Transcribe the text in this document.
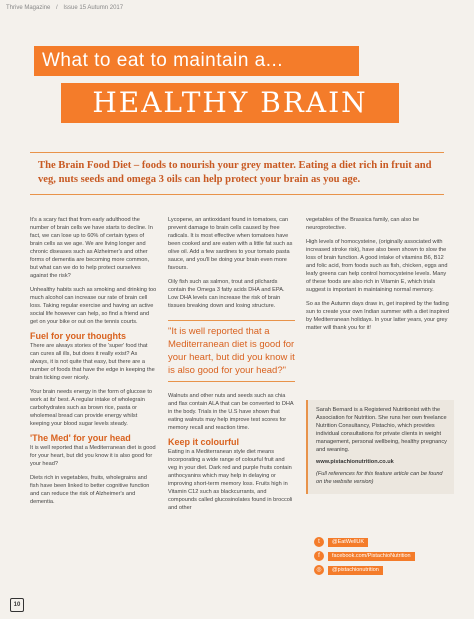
Thrive Magazine / Issue 15 Autumn 2017
What to eat to maintain a...
HEALTHY BRAIN
The Brain Food Diet – foods to nourish your grey matter. Eating a diet rich in fruit and veg, nuts seeds and omega 3 oils can help protect your brain as you age.

It's a scary fact that from early adulthood the number of brain cells we have starts to decline. In fact, we can lose up to 60% of certain types of brain cells as we age. We are living longer and chronic diseases such as Alzheimer's and other forms of dementia are becoming more common, but what can we do to help protect ourselves against the risk?

Unhealthy habits such as smoking and drinking too much alcohol can increase our rate of brain cell loss. Taking regular exercise and having an active social life however can help, so find a friend and get on your bike or out on the tennis courts.

Fuel for your thoughts

There are always stories of the 'super' food that can cures all ills, but does it really exist? As always, it is not quite that easy, but there are a number of foods that have the edge in keeping the brain ticking over nicely.

Your brain needs energy in the form of glucose to work at its' best. A regular intake of wholegrain carbohydrates such as brown rice, pasta or wholemeal bread can provide energy whilst keeping your blood sugar levels steady.

'The Med' for your head

It is well reported that a Mediterranean diet is good for your heart, but did you know it is also good for your head?

Diets rich in vegetables, fruits, wholegrains and fish have been linked to better cognitive function and can reduce the risk of Alzheimer's and dementia.

Lycopene, an antioxidant found in tomatoes, can prevent damage to brain cells caused by free radicals. It is most effective when tomatoes have been cooked and are eaten with a little fat such as olive oil. Add a few sardines to your tomato pasta sauce, and you'll be doing your brain even more favours.

Oily fish such as salmon, trout and pilchards contain the Omega 3 fatty acids DHA and EPA. Low DHA levels can increase the risk of brain tissues breaking down and losing structure.

"It is well reported that a Mediterranean diet is good for your heart, but did you know it is also good for your head?"

Walnuts and other nuts and seeds such as chia and flax contain ALA that can be converted to DHA in the body. Trials in the U.S have shown that eating walnuts may help improve test scores for memory recall and reaction time.

Keep it colourful

Eating in a Mediterranean style diet means incorporating a wide range of colourful fruit and veg in your diet. Dark red and purple fruits contain anthocyanins which may help in delaying or improving short-term memory loss. Fruits high in Vitamin C12 such as blackcurrants, and compounds called glucosinolates found in broccoli and other

vegetables of the Brassica family, can also be neuroprotective.

High levels of homocysteine, (originally associated with increased stroke risk), have also been shown to slow the loss of brain function. A good intake of vitamins B6, B12 and folic acid, from foods such as fish, chicken, eggs and leafy greens can help control homocysteine levels. Many of these foods are also rich in Vitamin E, which trials suggest is important in maintaining normal memory.

So as the Autumn days draw in, get inspired by the fading sun to create your own Indian summer with a diet inspired by Mediterranean holidays. In your latter years, your grey matter will thank you for it!

Sarah Bernard is a Registered Nutritionist with the Association for Nutrition. She runs her own freelance Nutrition Consultancy, Pistachio, which provides individual consultations for private clients in weight management, personal wellbeing, healthy pregnancy and weaning.

www.pistachionutrition.co.uk

(Full references for this feature article can be found on the website version)

t	@EatWellUK
f	facebook.com/PistachioNutrition
◎	@pistachionutrition
10
